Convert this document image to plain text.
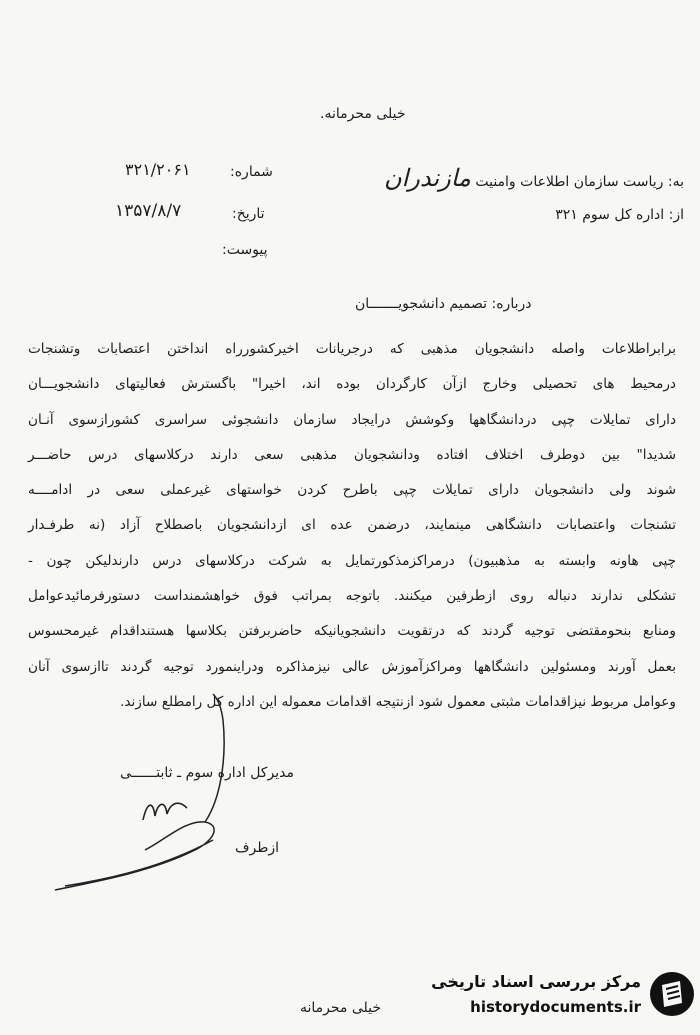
خیلی محرمانه.
به: ریاست سازمان اطلاعات وامنیت مازندران
از: اداره کل سوم ۳۲۱
شماره:
۳۲۱/۲۰۶۱
تاریخ:
۱۳۵۷/۸/۷
پیوست:
درباره: تصمیم دانشجویـــــــان

برابراطلاعات واصله دانشجویان مذهبی که درجریانات اخیرکشورراه انداختن اعتصابات وتشنجات

درمحیط های تحصیلی وخارج ازآن کارگردان بوده اند، اخیرا" باگسترش فعالیتهای دانشجویـــان

دارای تمایلات چپی دردانشگاهها وکوشش درایجاد سازمان دانشجوئی سراسری کشورازسوی آنـان

شدیدا" بین دوطرف اختلاف افتاده ودانشجویان مذهبی سعی دارند درکلاسهای درس حاضـــر

شوند ولی دانشجویان دارای تمایلات چپی باطرح کردن خواستهای غیرعملی سعی در ادامــــه

تشنجات واعتصابات دانشگاهی مینمایند، درضمن عده ای ازدانشجویان باصطلاح آزاد (نه طرفـدار

چپی هاونه وابسته به مذهبیون) درمراکزمذکورتمایل به شرکت درکلاسهای درس دارندلیکن چون -

تشکلی ندارند دنباله روی ازطرفین میکنند. باتوجه بمراتب فوق خواهشمنداست دستورفرمائیدعوامل

ومنابع بنحومقتضی توجیه گردند که درتقویت دانشجویانیکه حاضربرفتن بکلاسها هستنداقدام غیرمحسوس

بعمل آورند ومسئولین دانشگاهها ومراکزآموزش عالی نیزمذاکره ودراینمورد توجیه گردند تاازسوی آنان

وعوامل مربوط نیزاقدامات مثبتی معمول شود ازنتیجه اقدامات معموله این اداره کل رامطلع سازند.

مدیرکل اداره سوم ـ ثابتــــــی
ازطرف
خیلی محرمانه
مرکز بررسی اسناد تاریخی
historydocuments.ir
